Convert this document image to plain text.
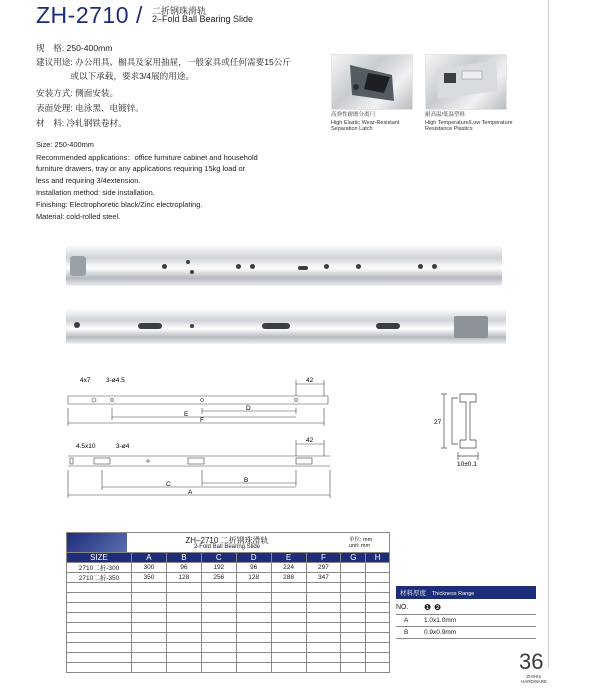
ZH-2710 / 二折钢珠滑轨
2–Fold Ball Bearing Slide
规　格: 250-400mm
建议用途: 办公用具、橱具及家用抽屉，一般家具或任何需要15公斤
　　　　或以下承载，要求3/4展的用途。
安装方式: 侧面安装。
表面处理: 电泳黑、电镀锌。
材　料: 冷轧钢铁卷材。
Size: 250-400mm
Recommended applications：office furniture cabinet and household
furniture drawers, tray or any applications requiring 15kg load or
less and requiring 3/4extension.
Installation method: side installation.
Finishing: Electrophoretic black/Zinc electroplating.
Material: cold-rolled steel.
高弹性耐磨分离闩
High Elastic Wear-Resistant
Separation Latch
耐高温/低温塑料
High Temperature/Low Temperature
Resistance Plastics
4x7 3-ø4.5	42
D
E
F
4.5x10	3-ø4
42
B
C
A
27
10±0.1
ZH–2710 二折钢珠滑轨
2-Fold Ball Bearing Slide
单位: mm
unit: mm
SIZE	A	B	C	D	E	F	G	H
2710二折-300	300	96	192	96	224	297		
2710二折-350	350	128	256	128	288	347		

材料厚度 Thickness Range
NO. ❶ ❷
A 1.0x1.0mm
B 0.9x0.9mm
36
ZHIHUI
HARDWARE
